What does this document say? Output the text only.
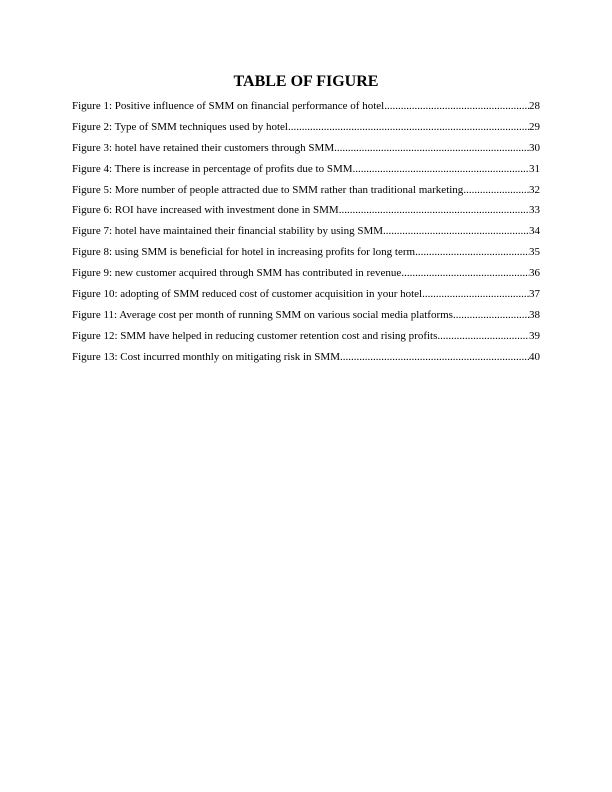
TABLE OF FIGURE
Figure 1: Positive influence of SMM on financial performance of hotel .....	28
Figure 2: Type of SMM techniques used by hotel .....	29
Figure 3: hotel have retained their customers through SMM .....	30
Figure 4: There is increase in percentage of profits due to SMM .....	31
Figure 5: More number of people attracted due to SMM rather than traditional marketing .....	32
Figure 6: ROI have increased with investment done in SMM .....	33
Figure 7: hotel have maintained their financial stability by using SMM .....	34
Figure 8: using SMM is beneficial for hotel in increasing profits for long term .....	35
Figure 9: new customer acquired through SMM has contributed in revenue .....	36
Figure 10: adopting of SMM reduced cost of customer acquisition in your hotel .....	37
Figure 11: Average cost per month of running SMM on various social media platforms .....	38
Figure 12: SMM have helped in reducing customer retention cost and rising profits .....	39
Figure 13: Cost incurred monthly on mitigating risk in SMM .....	40
